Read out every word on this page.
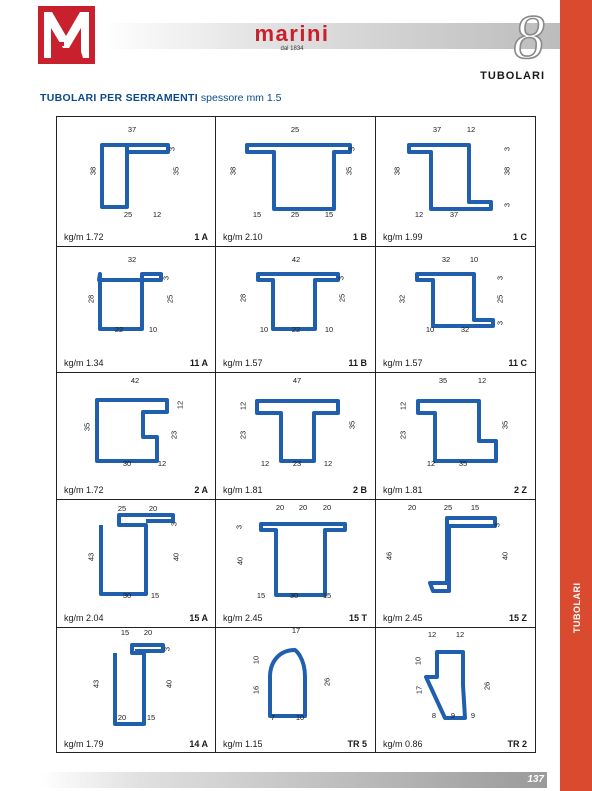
marini
dal 1834	8
TUBOLARI
TUBOLARI
TUBOLARI PER SERRAMENTI spessore mm 1.5
37
3
38	35
25	12
kg/m 1.72	1 A
25
3
38	35
15	25	15
kg/m 2.10	1 B
37	12
3
38	38
3
12	37
kg/m 1.99	1 C
32
3
28	25
22	10
kg/m 1.34	11 A
42
3
28	25
10	22	10
kg/m 1.57	11 B
32	10
3
32	25
3
10	32
kg/m 1.57	11 C
42
12
35
23
30	12
kg/m 1.72	2 A
47
12
23
35
12	23	12
kg/m 1.81	2 B
35	12
12
23
35
12	35
kg/m 1.81	2 Z
25	20
3
43	40
30	15
kg/m 2.04	15 A
20 20 20
3
40
15	30	15
kg/m 2.45	15 T
20	25 15
3
46	40
kg/m 2.45	15 Z
15 20
3
43	40
20	15
kg/m 1.79	14 A
17
10
16
26
7	10
kg/m 1.15	TR 5
12	12
10
17	26
8 9 9
kg/m 0.86	TR 2
137
